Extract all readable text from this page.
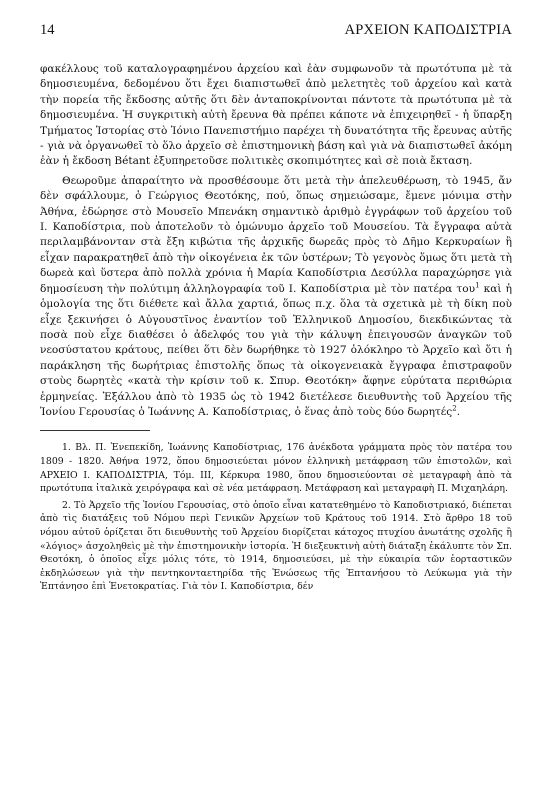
14	ΑΡΧΕΙΟΝ ΚΑΠΟΔΙΣΤΡΙΑ

φακέλλους τοῦ καταλογραφημένου ἀρχείου καὶ ἐὰν συμφωνοῦν τὰ πρωτότυπα μὲ τὰ δημοσιευμένα, δεδομένου ὅτι ἔχει διαπιστωθεῖ ἀπὸ μελετητὲς τοῦ ἀρχείου καὶ κατὰ τὴν πορεία τῆς ἔκδοσης αὐτῆς ὅτι δὲν ἀνταποκρίνονται πάντοτε τὰ πρωτότυπα μὲ τὰ δημοσιευμένα. Ἡ συγκριτικὴ αὐτὴ ἔρευνα θὰ πρέπει κάποτε νὰ ἐπιχειρηθεῖ - ἡ ὕπαρξη Τμήματος Ἱστορίας στὸ Ἰόνιο Πανεπιστήμιο παρέχει τὴ δυνατότητα τῆς ἔρευνας αὐτῆς - γιὰ νὰ ὀργανωθεῖ τὸ ὅλο ἀρχεῖο σὲ ἐπιστημονικὴ βάση καὶ γιὰ νὰ διαπιστωθεῖ ἀκόμη ἐὰν ἡ ἔκδοση Bétant ἐξυπηρετοῦσε πολιτικὲς σκοπιμότητες καὶ σὲ ποιὰ ἔκταση.

Θεωροῦμε ἀπαραίτητο νὰ προσθέσουμε ὅτι μετὰ τὴν ἀπελευθέρωση, τὸ 1945, ἄν δὲν σφάλλουμε, ὁ Γεώργιος Θεοτόκης, πού, ὅπως σημειώσαμε, ἔμενε μόνιμα στὴν Ἀθήνα, ἐδώρησε στὸ Μουσεῖο Μπενάκη σημαντικὸ ἀριθμὸ ἐγγράφων τοῦ ἀρχείου τοῦ Ι. Καποδίστρια, ποὺ ἀποτελοῦν τὸ ὁμώνυμο ἀρχεῖο τοῦ Μουσείου. Τὰ ἔγγραφα αὐτὰ περιλαμβάνονταν στὰ ἔξη κιβώτια τῆς ἀρχικῆς δωρεᾶς πρὸς τὸ Δῆμο Κερκυραίων ἢ εἶχαν παρακρατηθεῖ ἀπὸ τὴν οἰκογένεια ἐκ τῶν ὑστέρων; Τὸ γεγονὸς ὅμως ὅτι μετὰ τὴ δωρεὰ καὶ ὕστερα ἀπὸ πολλὰ χρόνια ἡ Μαρία Καποδίστρια Δεσύλλα παραχώρησε γιὰ δημοσίευση τὴν πολύτιμη ἀλληλογραφία τοῦ Ι. Καποδίστρια μὲ τὸν πατέρα του$^1$ καὶ ἡ ὁμολογία της ὅτι διέθετε καὶ ἄλλα χαρτιά, ὅπως π.χ. ὅλα τὰ σχετικὰ μὲ τὴ δίκη ποὺ εἶχε ξεκινήσει ὁ Αὐγουστῖνος ἐναντίον τοῦ Ἑλληνικοῦ Δημοσίου, διεκδικώντας τὰ ποσὰ ποὺ εἶχε διαθέσει ὁ ἀδελφός του γιὰ τὴν κάλυψη ἐπειγουσῶν ἀναγκῶν τοῦ νεοσύστατου κράτους, πείθει ὅτι δὲν δωρήθηκε τὸ 1927 ὁλόκληρο τὸ Ἀρχεῖο καὶ ὅτι ἡ παράκληση τῆς δωρήτριας ἐπιστολῆς ὅπως τὰ οἰκογενειακὰ ἔγγραφα ἐπιστραφοῦν στοὺς δωρητὲς «κατὰ τὴν κρίσιν τοῦ κ. Σπυρ. Θεοτόκη» ἄφηνε εὐρύτατα περιθώρια ἑρμηνείας. Ἐξάλλου ἀπὸ τὸ 1935 ὡς τὸ 1942 διετέλεσε διευθυντὴς τοῦ Ἀρχείου τῆς Ἰονίου Γερουσίας ὁ Ἰωάννης Α. Καποδίστριας, ὁ ἕνας ἀπὸ τοὺς δύο δωρητές$^2$.

1. Βλ. Π. Ἐνεπεκίδη, Ἰωάννης Καποδίστριας, 176 ἀνέκδοτα γράμματα πρὸς τὸν πατέρα του 1809 - 1820. Ἀθήνα 1972, ὅπου δημοσιεύεται μόνον ἑλληνικὴ μετάφραση τῶν ἐπιστολῶν, καὶ ΑΡΧΕΙΟ Ι. ΚΑΠΟΔΙΣΤΡΙΑ, Τόμ. III, Κέρκυρα 1980, ὅπου δημοσιεύονται σὲ μεταγραφὴ ἀπὸ τὰ πρωτότυπα ἰταλικὰ χειρόγραφα καὶ σὲ νέα μετάφραση. Μετάφραση καὶ μεταγραφὴ Π. Μιχαηλάρη.

2. Τὸ Ἀρχεῖο τῆς Ἰονίου Γερουσίας, στὸ ὁποῖο εἶναι κατατεθημένο τὸ Καποδιστριακό, διέπεται ἀπὸ τὶς διατάξεις τοῦ Νόμου περὶ Γενικῶν Ἀρχείων τοῦ Κράτους τοῦ 1914. Στὸ ἄρθρο 18 τοῦ νόμου αὐτοῦ ὁρίζεται ὅτι διευθυντὴς τοῦ Ἀρχείου διορίζεται κάτοχος πτυχίου ἀνωτάτης σχολῆς ἢ «λόγιος» ἀσχοληθεὶς μὲ τὴν ἐπιστημονικὴν ἱστορία. Ἡ διεξευκτινὴ αὐτὴ διάταξη ἐκάλυπτε τὸν Σπ. Θεοτόκη, ὁ ὁποῖος εἶχε μόλις τότε, τὸ 1914, δημοσιεύσει, μὲ τὴν εὐκαιρία τῶν ἑορταστικῶν ἐκδηλώσεων γιὰ τὴν πεντηκονταετηρίδα τῆς Ἑνώσεως τῆς Ἑπτανήσου τὸ Λεύκωμα γιὰ τὴν Ἑπτάνησο ἐπὶ Ἑνετοκρατίας. Γιὰ τὸν Ι. Καποδίστρια, δέν
